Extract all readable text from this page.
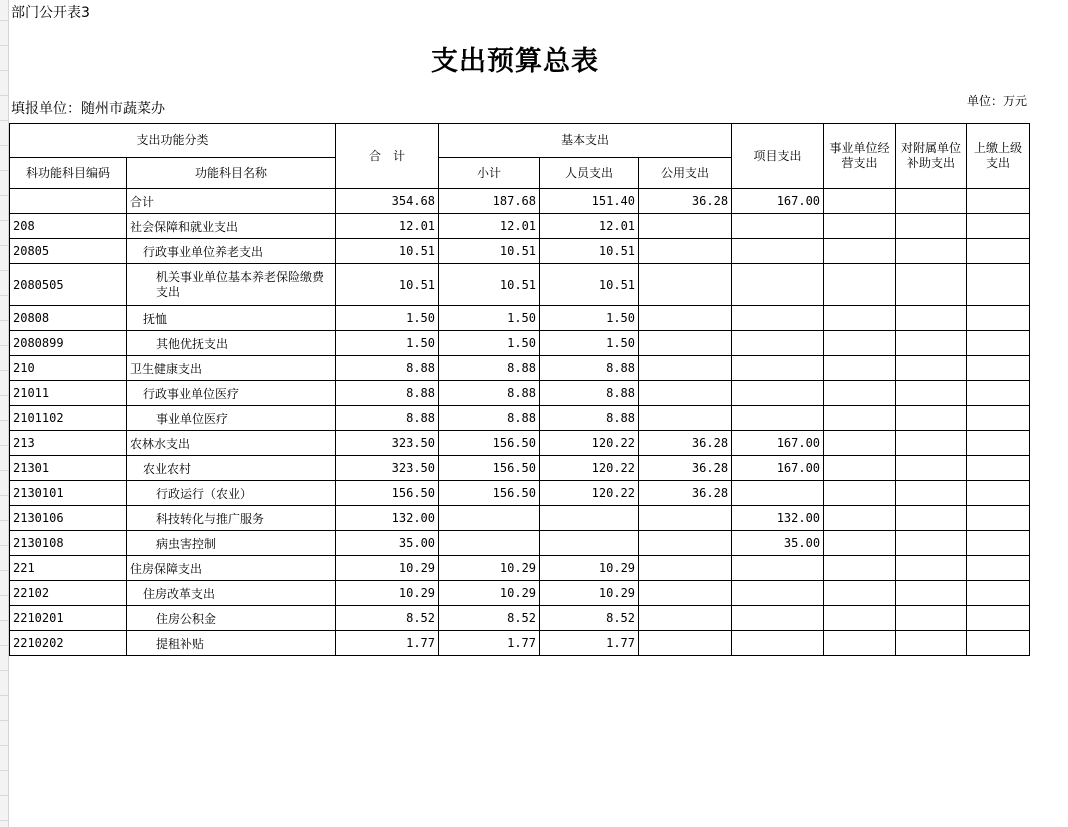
部门公开表3
支出预算总表
填报单位：随州市蔬菜办	单位：万元
支出功能分类		合　计	基本支出			项目支出	事业单位经营支出	对附属单位补助支出	上缴上级支出
科功能科目编码	功能科目名称		小计	人员支出	公用支出				
	合计	354.68	187.68	151.40	36.28	167.00			
208	社会保障和就业支出	12.01	12.01	12.01					
20805	行政事业单位养老支出	10.51	10.51	10.51					
2080505	机关事业单位基本养老保险缴费支出	10.51	10.51	10.51					
20808	抚恤	1.50	1.50	1.50					
2080899	其他优抚支出	1.50	1.50	1.50					
210	卫生健康支出	8.88	8.88	8.88					
21011	行政事业单位医疗	8.88	8.88	8.88					
2101102	事业单位医疗	8.88	8.88	8.88					
213	农林水支出	323.50	156.50	120.22	36.28	167.00			
21301	农业农村	323.50	156.50	120.22	36.28	167.00			
2130101	行政运行（农业）	156.50	156.50	120.22	36.28				
2130106	科技转化与推广服务	132.00				132.00			
2130108	病虫害控制	35.00				35.00			
221	住房保障支出	10.29	10.29	10.29					
22102	住房改革支出	10.29	10.29	10.29					
2210201	住房公积金	8.52	8.52	8.52					
2210202	提租补贴	1.77	1.77	1.77					
